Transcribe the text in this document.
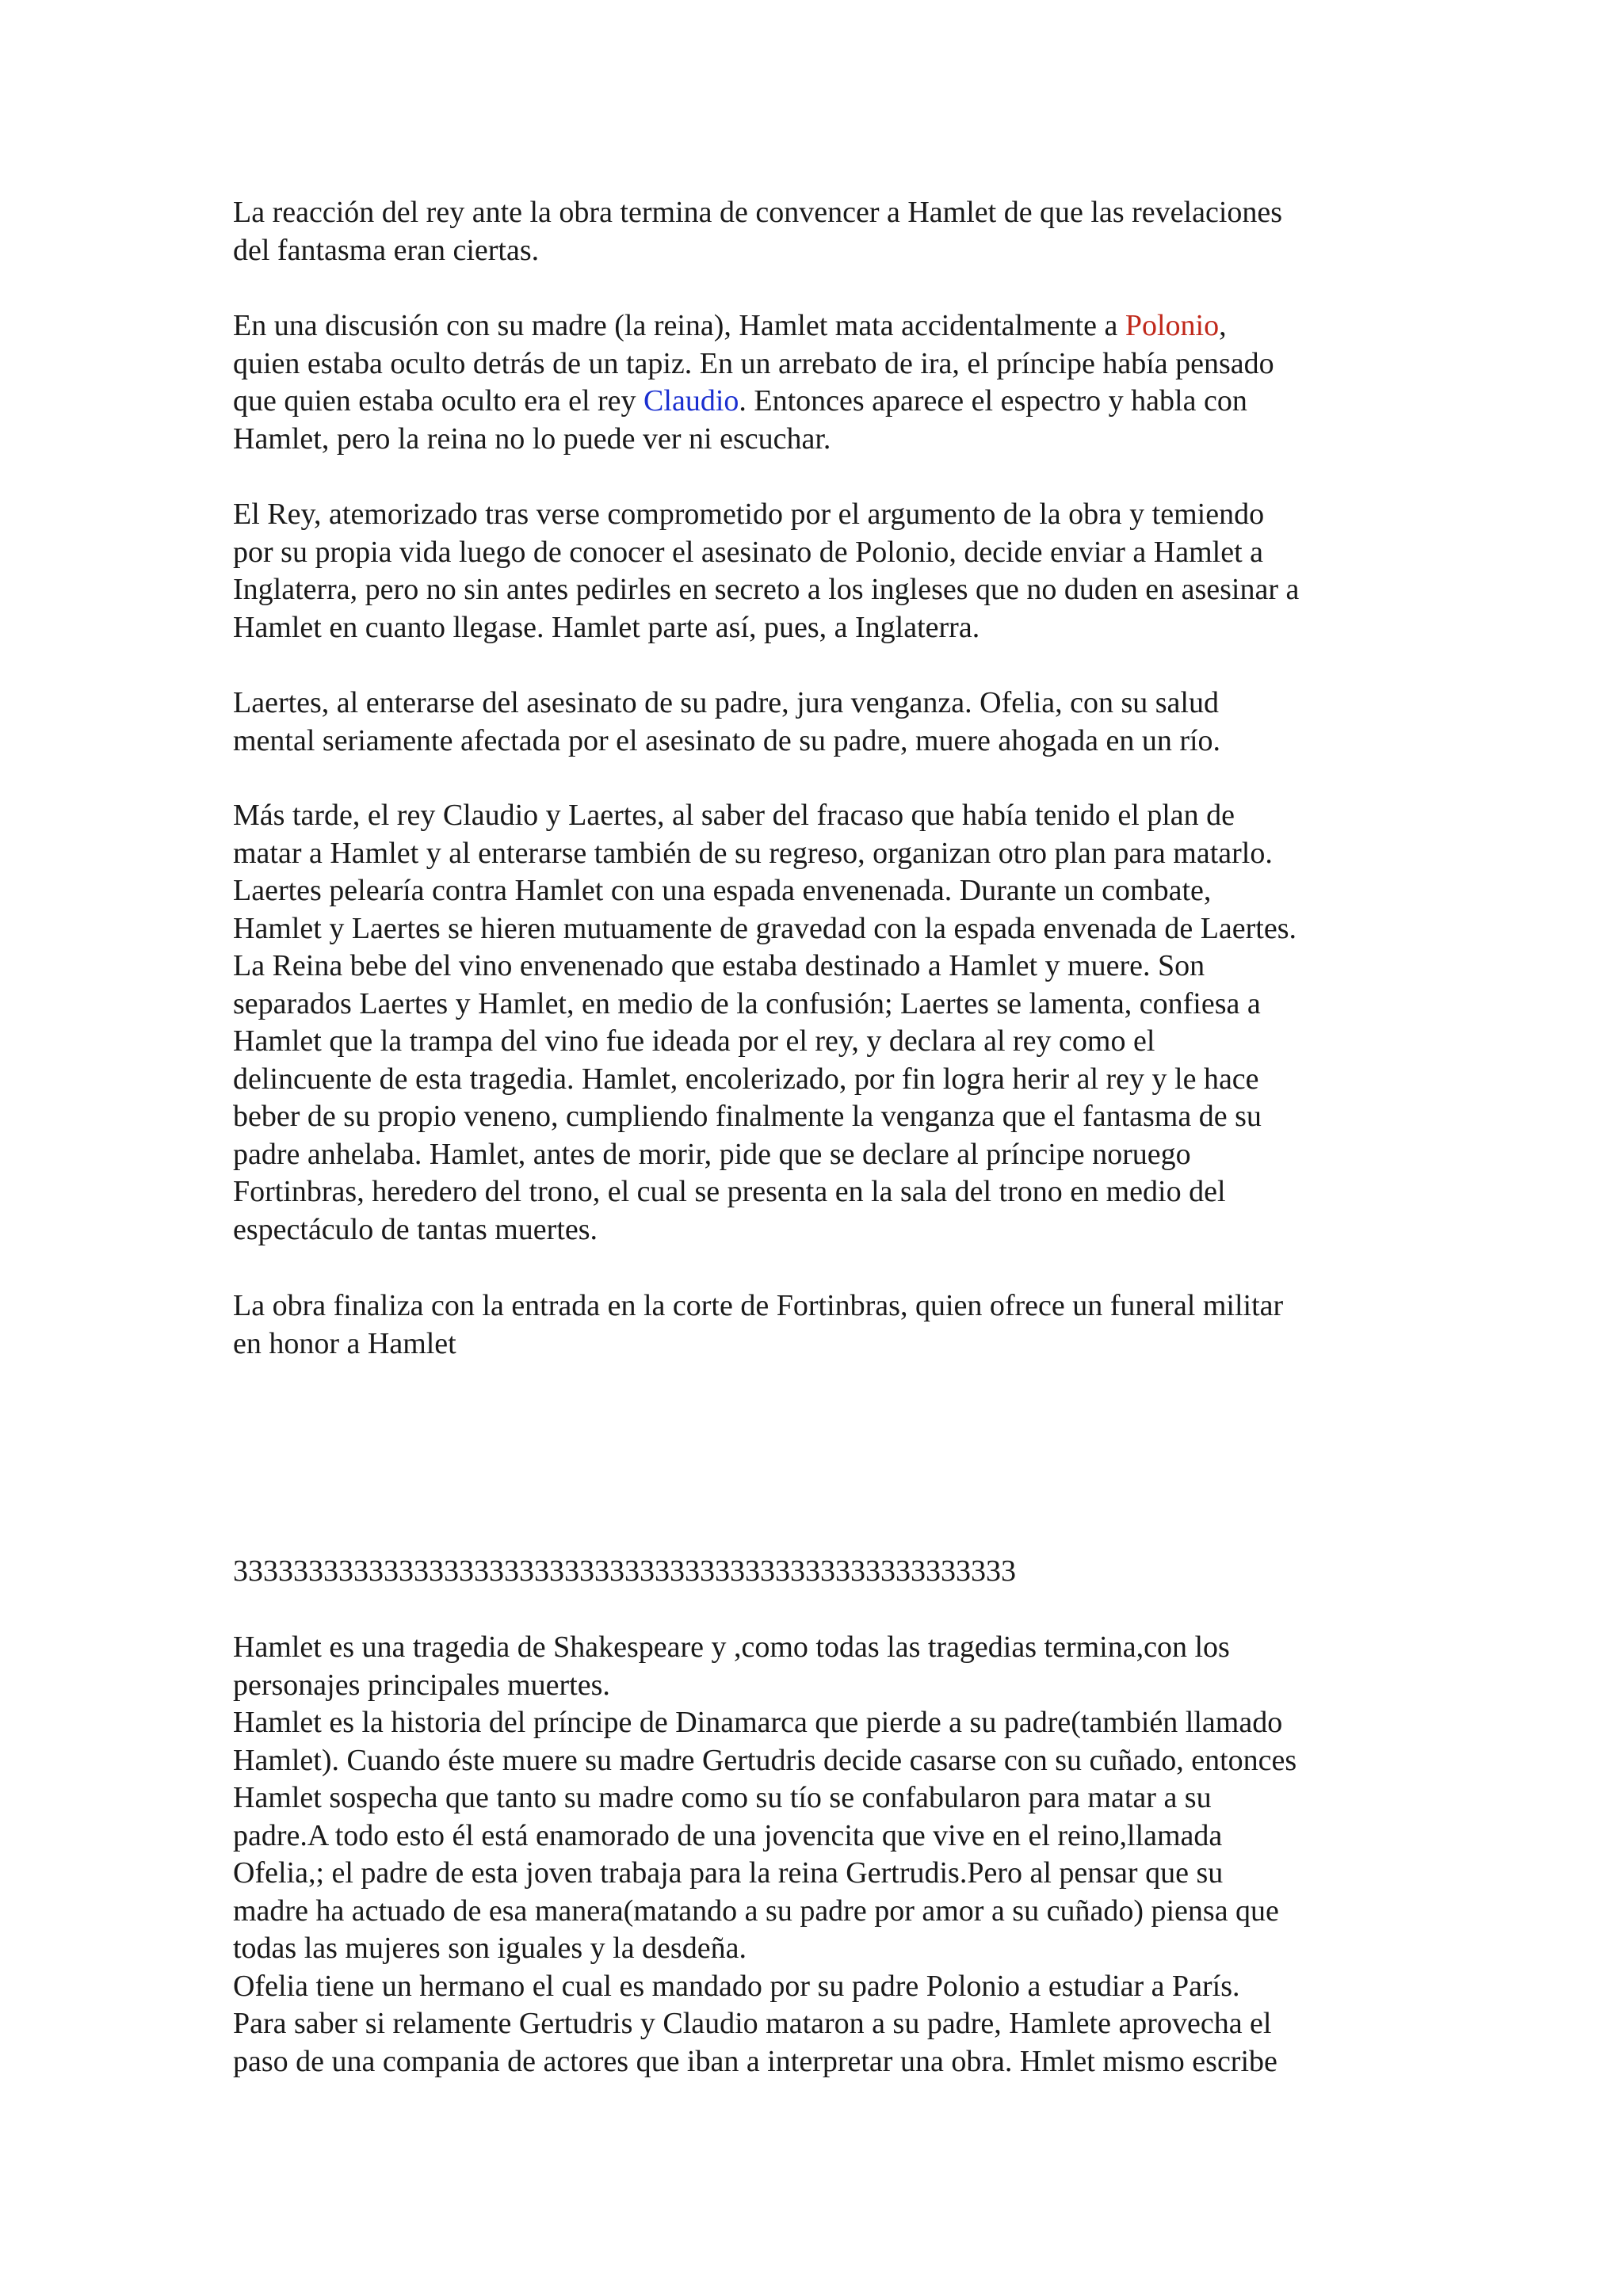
La reacción del rey ante la obra termina de convencer a Hamlet de que las revelaciones
del fantasma eran ciertas.
En una discusión con su madre (la reina), Hamlet mata accidentalmente a Polonio,
quien estaba oculto detrás de un tapiz. En un arrebato de ira, el príncipe había pensado
que quien estaba oculto era el rey Claudio. Entonces aparece el espectro y habla con
Hamlet, pero la reina no lo puede ver ni escuchar.
El Rey, atemorizado tras verse comprometido por el argumento de la obra y temiendo
por su propia vida luego de conocer el asesinato de Polonio, decide enviar a Hamlet a
Inglaterra, pero no sin antes pedirles en secreto a los ingleses que no duden en asesinar a
Hamlet en cuanto llegase. Hamlet parte así, pues, a Inglaterra.
Laertes, al enterarse del asesinato de su padre, jura venganza. Ofelia, con su salud
mental seriamente afectada por el asesinato de su padre, muere ahogada en un río.
Más tarde, el rey Claudio y Laertes, al saber del fracaso que había tenido el plan de
matar a Hamlet y al enterarse también de su regreso, organizan otro plan para matarlo.
Laertes pelearía contra Hamlet con una espada envenenada. Durante un combate,
Hamlet y Laertes se hieren mutuamente de gravedad con la espada envenada de Laertes.
La Reina bebe del vino envenenado que estaba destinado a Hamlet y muere. Son
separados Laertes y Hamlet, en medio de la confusión; Laertes se lamenta, confiesa a
Hamlet que la trampa del vino fue ideada por el rey, y declara al rey como el
delincuente de esta tragedia. Hamlet, encolerizado, por fin logra herir al rey y le hace
beber de su propio veneno, cumpliendo finalmente la venganza que el fantasma de su
padre anhelaba. Hamlet, antes de morir, pide que se declare al príncipe noruego
Fortinbras, heredero del trono, el cual se presenta en la sala del trono en medio del
espectáculo de tantas muertes.
La obra finaliza con la entrada en la corte de Fortinbras, quien ofrece un funeral militar
en honor a Hamlet
3333333333333333333333333333333333333333333333333333
Hamlet es una tragedia de Shakespeare y ,como todas las tragedias termina,con los
personajes principales muertes.
Hamlet es la historia del príncipe de Dinamarca que pierde a su padre(también llamado
Hamlet). Cuando éste muere su madre Gertudris decide casarse con su cuñado, entonces
Hamlet sospecha que tanto su madre como su tío se confabularon para matar a su
padre.A todo esto él está enamorado de una jovencita que vive en el reino,llamada
Ofelia,; el padre de esta joven trabaja para la reina Gertrudis.Pero al pensar que su
madre ha actuado de esa manera(matando a su padre por amor a su cuñado) piensa que
todas las mujeres son iguales y la desdeña.
Ofelia tiene un hermano el cual es mandado por su padre Polonio a estudiar a París.
Para saber si relamente Gertudris y Claudio mataron a su padre, Hamlete aprovecha el
paso de una compania de actores que iban a interpretar una obra. Hmlet mismo escribe
